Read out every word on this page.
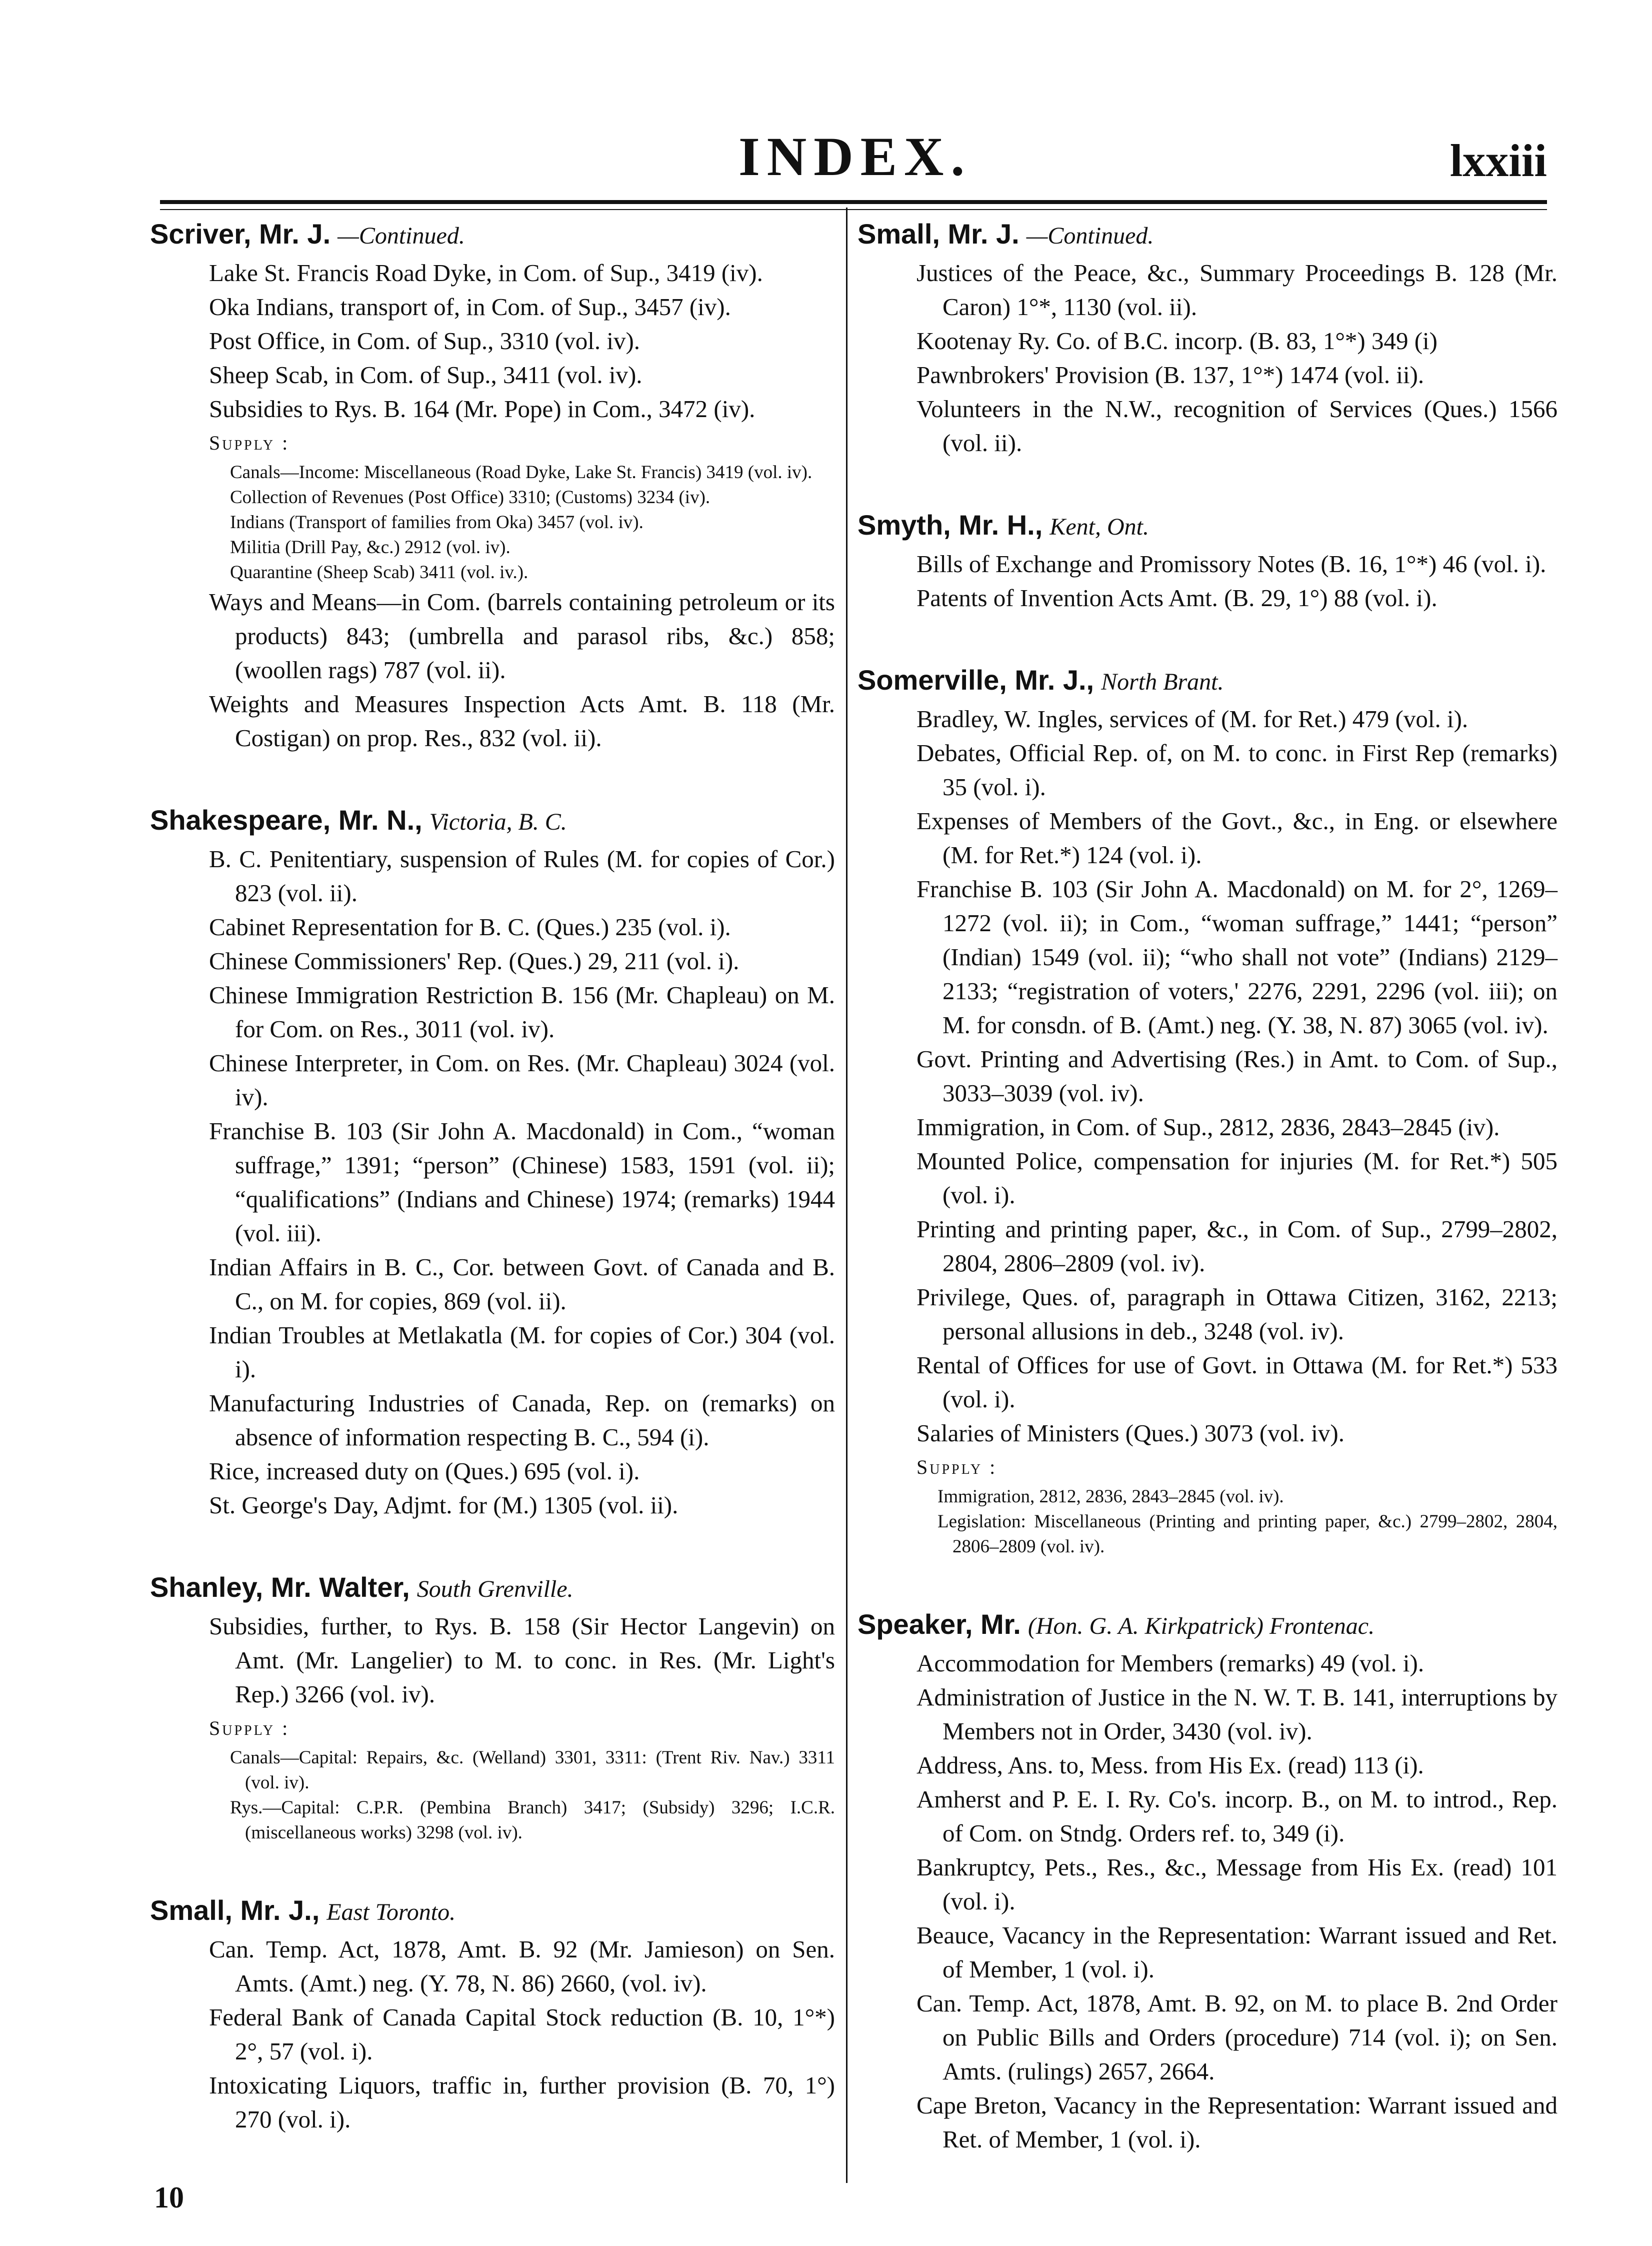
INDEX.	lxxiii
Scriver, Mr. J. —Continued.
Lake St. Francis Road Dyke, in Com. of Sup., 3419 (iv).
Oka Indians, transport of, in Com. of Sup., 3457 (iv).
Post Office, in Com. of Sup., 3310 (vol. iv).
Sheep Scab, in Com. of Sup., 3411 (vol. iv).
Subsidies to Rys. B. 164 (Mr. Pope) in Com., 3472 (iv).
Supply :
Canals—Income: Miscellaneous (Road Dyke, Lake St. Francis) 3419 (vol. iv).
Collection of Revenues (Post Office) 3310; (Customs) 3234 (iv).
Indians (Transport of families from Oka) 3457 (vol. iv).
Militia (Drill Pay, &c.) 2912 (vol. iv).
Quarantine (Sheep Scab) 3411 (vol. iv.).
Ways and Means—in Com. (barrels containing petroleum or its products) 843; (umbrella and parasol ribs, &c.) 858; (woollen rags) 787 (vol. ii).
Weights and Measures Inspection Acts Amt. B. 118 (Mr. Costigan) on prop. Res., 832 (vol. ii).
Shakespeare, Mr. N., Victoria, B. C.
B. C. Penitentiary, suspension of Rules (M. for copies of Cor.) 823 (vol. ii).
Cabinet Representation for B. C. (Ques.) 235 (vol. i).
Chinese Commissioners' Rep. (Ques.) 29, 211 (vol. i).
Chinese Immigration Restriction B. 156 (Mr. Chapleau) on M. for Com. on Res., 3011 (vol. iv).
Chinese Interpreter, in Com. on Res. (Mr. Chapleau) 3024 (vol. iv).
Franchise B. 103 (Sir John A. Macdonald) in Com., “woman suffrage,” 1391; “person” (Chinese) 1583, 1591 (vol. ii); “qualifications” (Indians and Chinese) 1974; (remarks) 1944 (vol. iii).
Indian Affairs in B. C., Cor. between Govt. of Canada and B. C., on M. for copies, 869 (vol. ii).
Indian Troubles at Metlakatla (M. for copies of Cor.) 304 (vol. i).
Manufacturing Industries of Canada, Rep. on (remarks) on absence of information respecting B. C., 594 (i).
Rice, increased duty on (Ques.) 695 (vol. i).
St. George's Day, Adjmt. for (M.) 1305 (vol. ii).
Shanley, Mr. Walter, South Grenville.
Subsidies, further, to Rys. B. 158 (Sir Hector Langevin) on Amt. (Mr. Langelier) to M. to conc. in Res. (Mr. Light's Rep.) 3266 (vol. iv).
Supply :
Canals—Capital: Repairs, &c. (Welland) 3301, 3311: (Trent Riv. Nav.) 3311 (vol. iv).
Rys.—Capital: C.P.R. (Pembina Branch) 3417; (Subsidy) 3296; I.C.R. (miscellaneous works) 3298 (vol. iv).
Small, Mr. J., East Toronto.
Can. Temp. Act, 1878, Amt. B. 92 (Mr. Jamieson) on Sen. Amts. (Amt.) neg. (Y. 78, N. 86) 2660, (vol. iv).
Federal Bank of Canada Capital Stock reduction (B. 10, 1°*) 2°, 57 (vol. i).
Intoxicating Liquors, traffic in, further provision (B. 70, 1°) 270 (vol. i).
Small, Mr. J. —Continued.
Justices of the Peace, &c., Summary Proceedings B. 128 (Mr. Caron) 1°*, 1130 (vol. ii).
Kootenay Ry. Co. of B.C. incorp. (B. 83, 1°*) 349 (i)
Pawnbrokers' Provision (B. 137, 1°*) 1474 (vol. ii).
Volunteers in the N.W., recognition of Services (Ques.) 1566 (vol. ii).
Smyth, Mr. H., Kent, Ont.
Bills of Exchange and Promissory Notes (B. 16, 1°*) 46 (vol. i).
Patents of Invention Acts Amt. (B. 29, 1°) 88 (vol. i).
Somerville, Mr. J., North Brant.
Bradley, W. Ingles, services of (M. for Ret.) 479 (vol. i).
Debates, Official Rep. of, on M. to conc. in First Rep (remarks) 35 (vol. i).
Expenses of Members of the Govt., &c., in Eng. or elsewhere (M. for Ret.*) 124 (vol. i).
Franchise B. 103 (Sir John A. Macdonald) on M. for 2°, 1269–1272 (vol. ii); in Com., “woman suffrage,” 1441; “person” (Indian) 1549 (vol. ii); “who shall not vote” (Indians) 2129–2133; “registration of voters,' 2276, 2291, 2296 (vol. iii); on M. for consdn. of B. (Amt.) neg. (Y. 38, N. 87) 3065 (vol. iv).
Govt. Printing and Advertising (Res.) in Amt. to Com. of Sup., 3033–3039 (vol. iv).
Immigration, in Com. of Sup., 2812, 2836, 2843–2845 (iv).
Mounted Police, compensation for injuries (M. for Ret.*) 505 (vol. i).
Printing and printing paper, &c., in Com. of Sup., 2799–2802, 2804, 2806–2809 (vol. iv).
Privilege, Ques. of, paragraph in Ottawa Citizen, 3162, 2213; personal allusions in deb., 3248 (vol. iv).
Rental of Offices for use of Govt. in Ottawa (M. for Ret.*) 533 (vol. i).
Salaries of Ministers (Ques.) 3073 (vol. iv).
Supply :
Immigration, 2812, 2836, 2843–2845 (vol. iv).
Legislation: Miscellaneous (Printing and printing paper, &c.) 2799–2802, 2804, 2806–2809 (vol. iv).
Speaker, Mr. (Hon. G. A. Kirkpatrick) Frontenac.
Accommodation for Members (remarks) 49 (vol. i).
Administration of Justice in the N. W. T. B. 141, interruptions by Members not in Order, 3430 (vol. iv).
Address, Ans. to, Mess. from His Ex. (read) 113 (i).
Amherst and P. E. I. Ry. Co's. incorp. B., on M. to introd., Rep. of Com. on Stndg. Orders ref. to, 349 (i).
Bankruptcy, Pets., Res., &c., Message from His Ex. (read) 101 (vol. i).
Beauce, Vacancy in the Representation: Warrant issued and Ret. of Member, 1 (vol. i).
Can. Temp. Act, 1878, Amt. B. 92, on M. to place B. 2nd Order on Public Bills and Orders (procedure) 714 (vol. i); on Sen. Amts. (rulings) 2657, 2664.
Cape Breton, Vacancy in the Representation: Warrant issued and Ret. of Member, 1 (vol. i).
10
